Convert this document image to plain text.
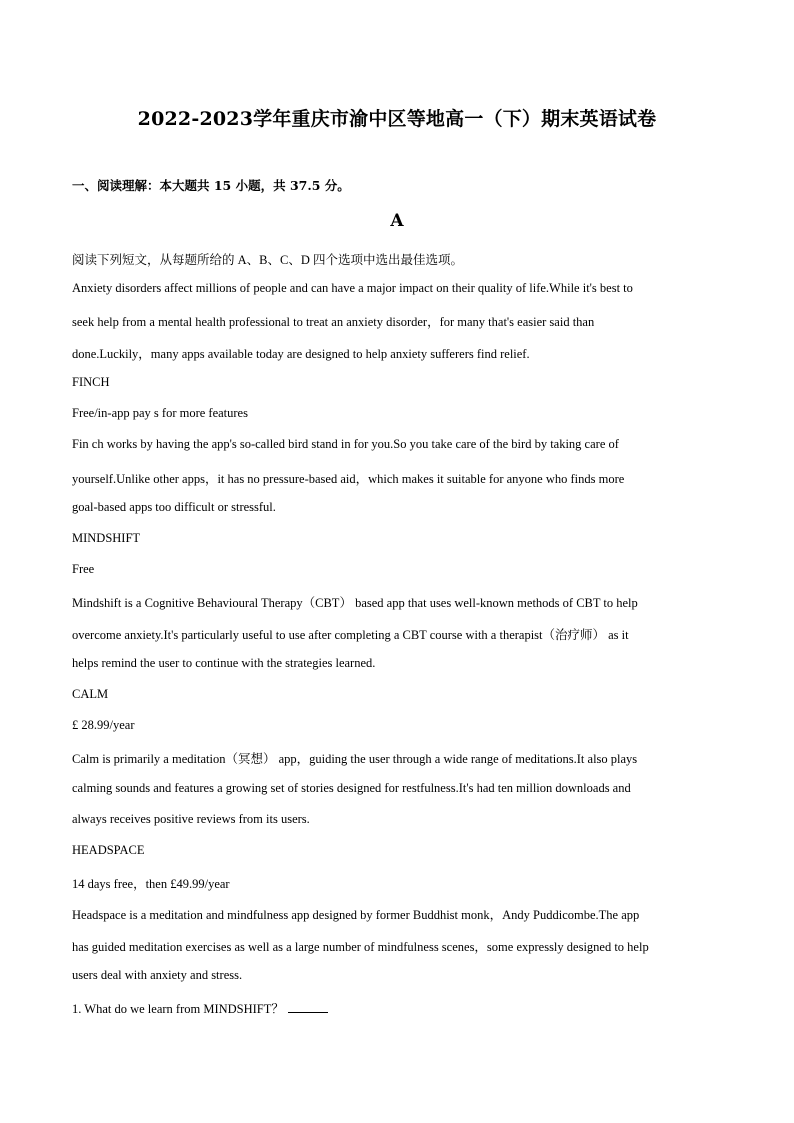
2022-2023学年重庆市渝中区等地高一（下）期末英语试卷
一、阅读理解：本大题共 15 小题，共 37.5 分。
A
阅读下列短文，从每题所给的 A、B、C、D 四个选项中选出最佳选项。
Anxiety disorders affect millions of people and can have a major impact on their quality of life.While it's best to
seek help from a mental health professional to treat an anxiety disorder，for many that's easier said than
done.Luckily，many apps available today are designed to help anxiety sufferers find relief.
FINCH
Free/in-app pay s for more features
Fin ch works by having the app's so-called bird stand in for you.So you take care of the bird by taking care of
yourself.Unlike other apps，it has no pressure-based aid，which makes it suitable for anyone who finds more
goal-based apps too difficult or stressful.
MINDSHIFT
Free
Mindshift is a Cognitive Behavioural Therapy（CBT） based app that uses well-known methods of CBT to help
overcome anxiety.It's particularly useful to use after completing a CBT course with a therapist（治疗师） as it
helps remind the user to continue with the strategies learned.
CALM
£ 28.99/year
Calm is primarily a meditation（冥想） app，guiding the user through a wide range of meditations.It also plays
calming sounds and features a growing set of stories designed for restfulness.It's had ten million downloads and
always receives positive reviews from its users.
HEADSPACE
14 days free，then £49.99/year
Headspace is a meditation and mindfulness app designed by former Buddhist monk，Andy Puddicombe.The app
has guided meditation exercises as well as a large number of mindfulness scenes，some expressly designed to help
users deal with anxiety and stress.
1. What do we learn from MINDSHIFT？
